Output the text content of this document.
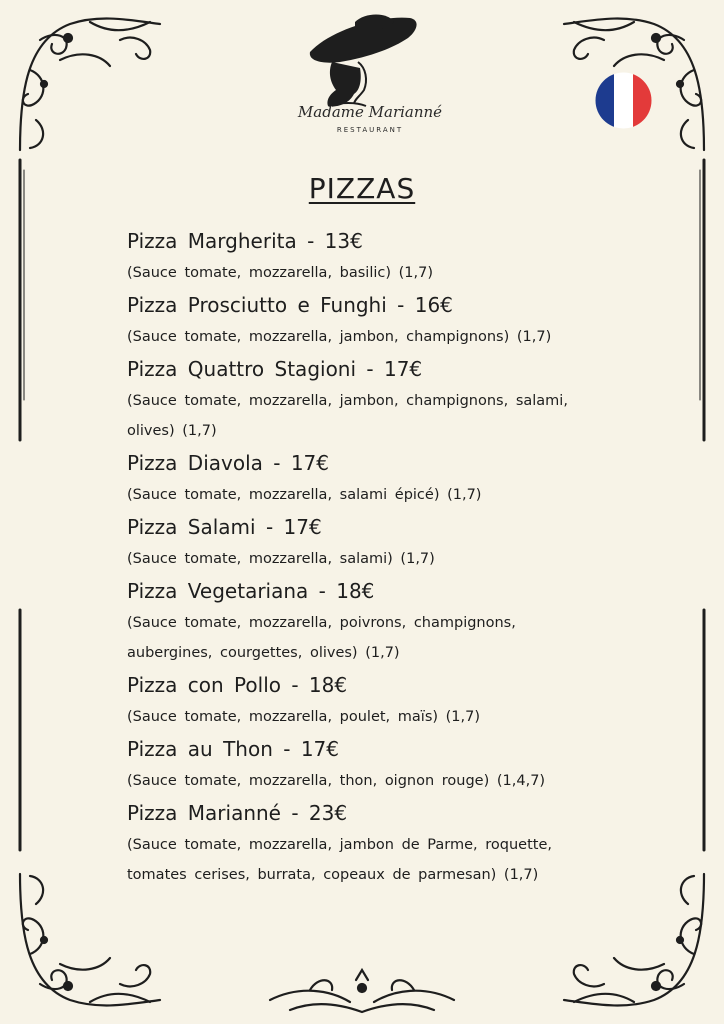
Madame Marianné
RESTAURANT
PIZZAS
Pizza Margherita - 13€
(Sauce tomate, mozzarella, basilic) (1,7)
Pizza Prosciutto e Funghi - 16€
(Sauce tomate, mozzarella, jambon, champignons) (1,7)
Pizza Quattro Stagioni - 17€
(Sauce tomate, mozzarella, jambon, champignons, salami, olives) (1,7)
Pizza Diavola - 17€
(Sauce tomate, mozzarella, salami épicé) (1,7)
Pizza Salami - 17€
(Sauce tomate, mozzarella, salami) (1,7)
Pizza Vegetariana - 18€
(Sauce tomate, mozzarella, poivrons, champignons, aubergines, courgettes, olives) (1,7)
Pizza con Pollo - 18€
(Sauce tomate, mozzarella, poulet, maïs) (1,7)
Pizza au Thon - 17€
(Sauce tomate, mozzarella, thon, oignon rouge) (1,4,7)
Pizza Marianné - 23€
(Sauce tomate, mozzarella, jambon de Parme, roquette, tomates cerises, burrata, copeaux de parmesan) (1,7)
